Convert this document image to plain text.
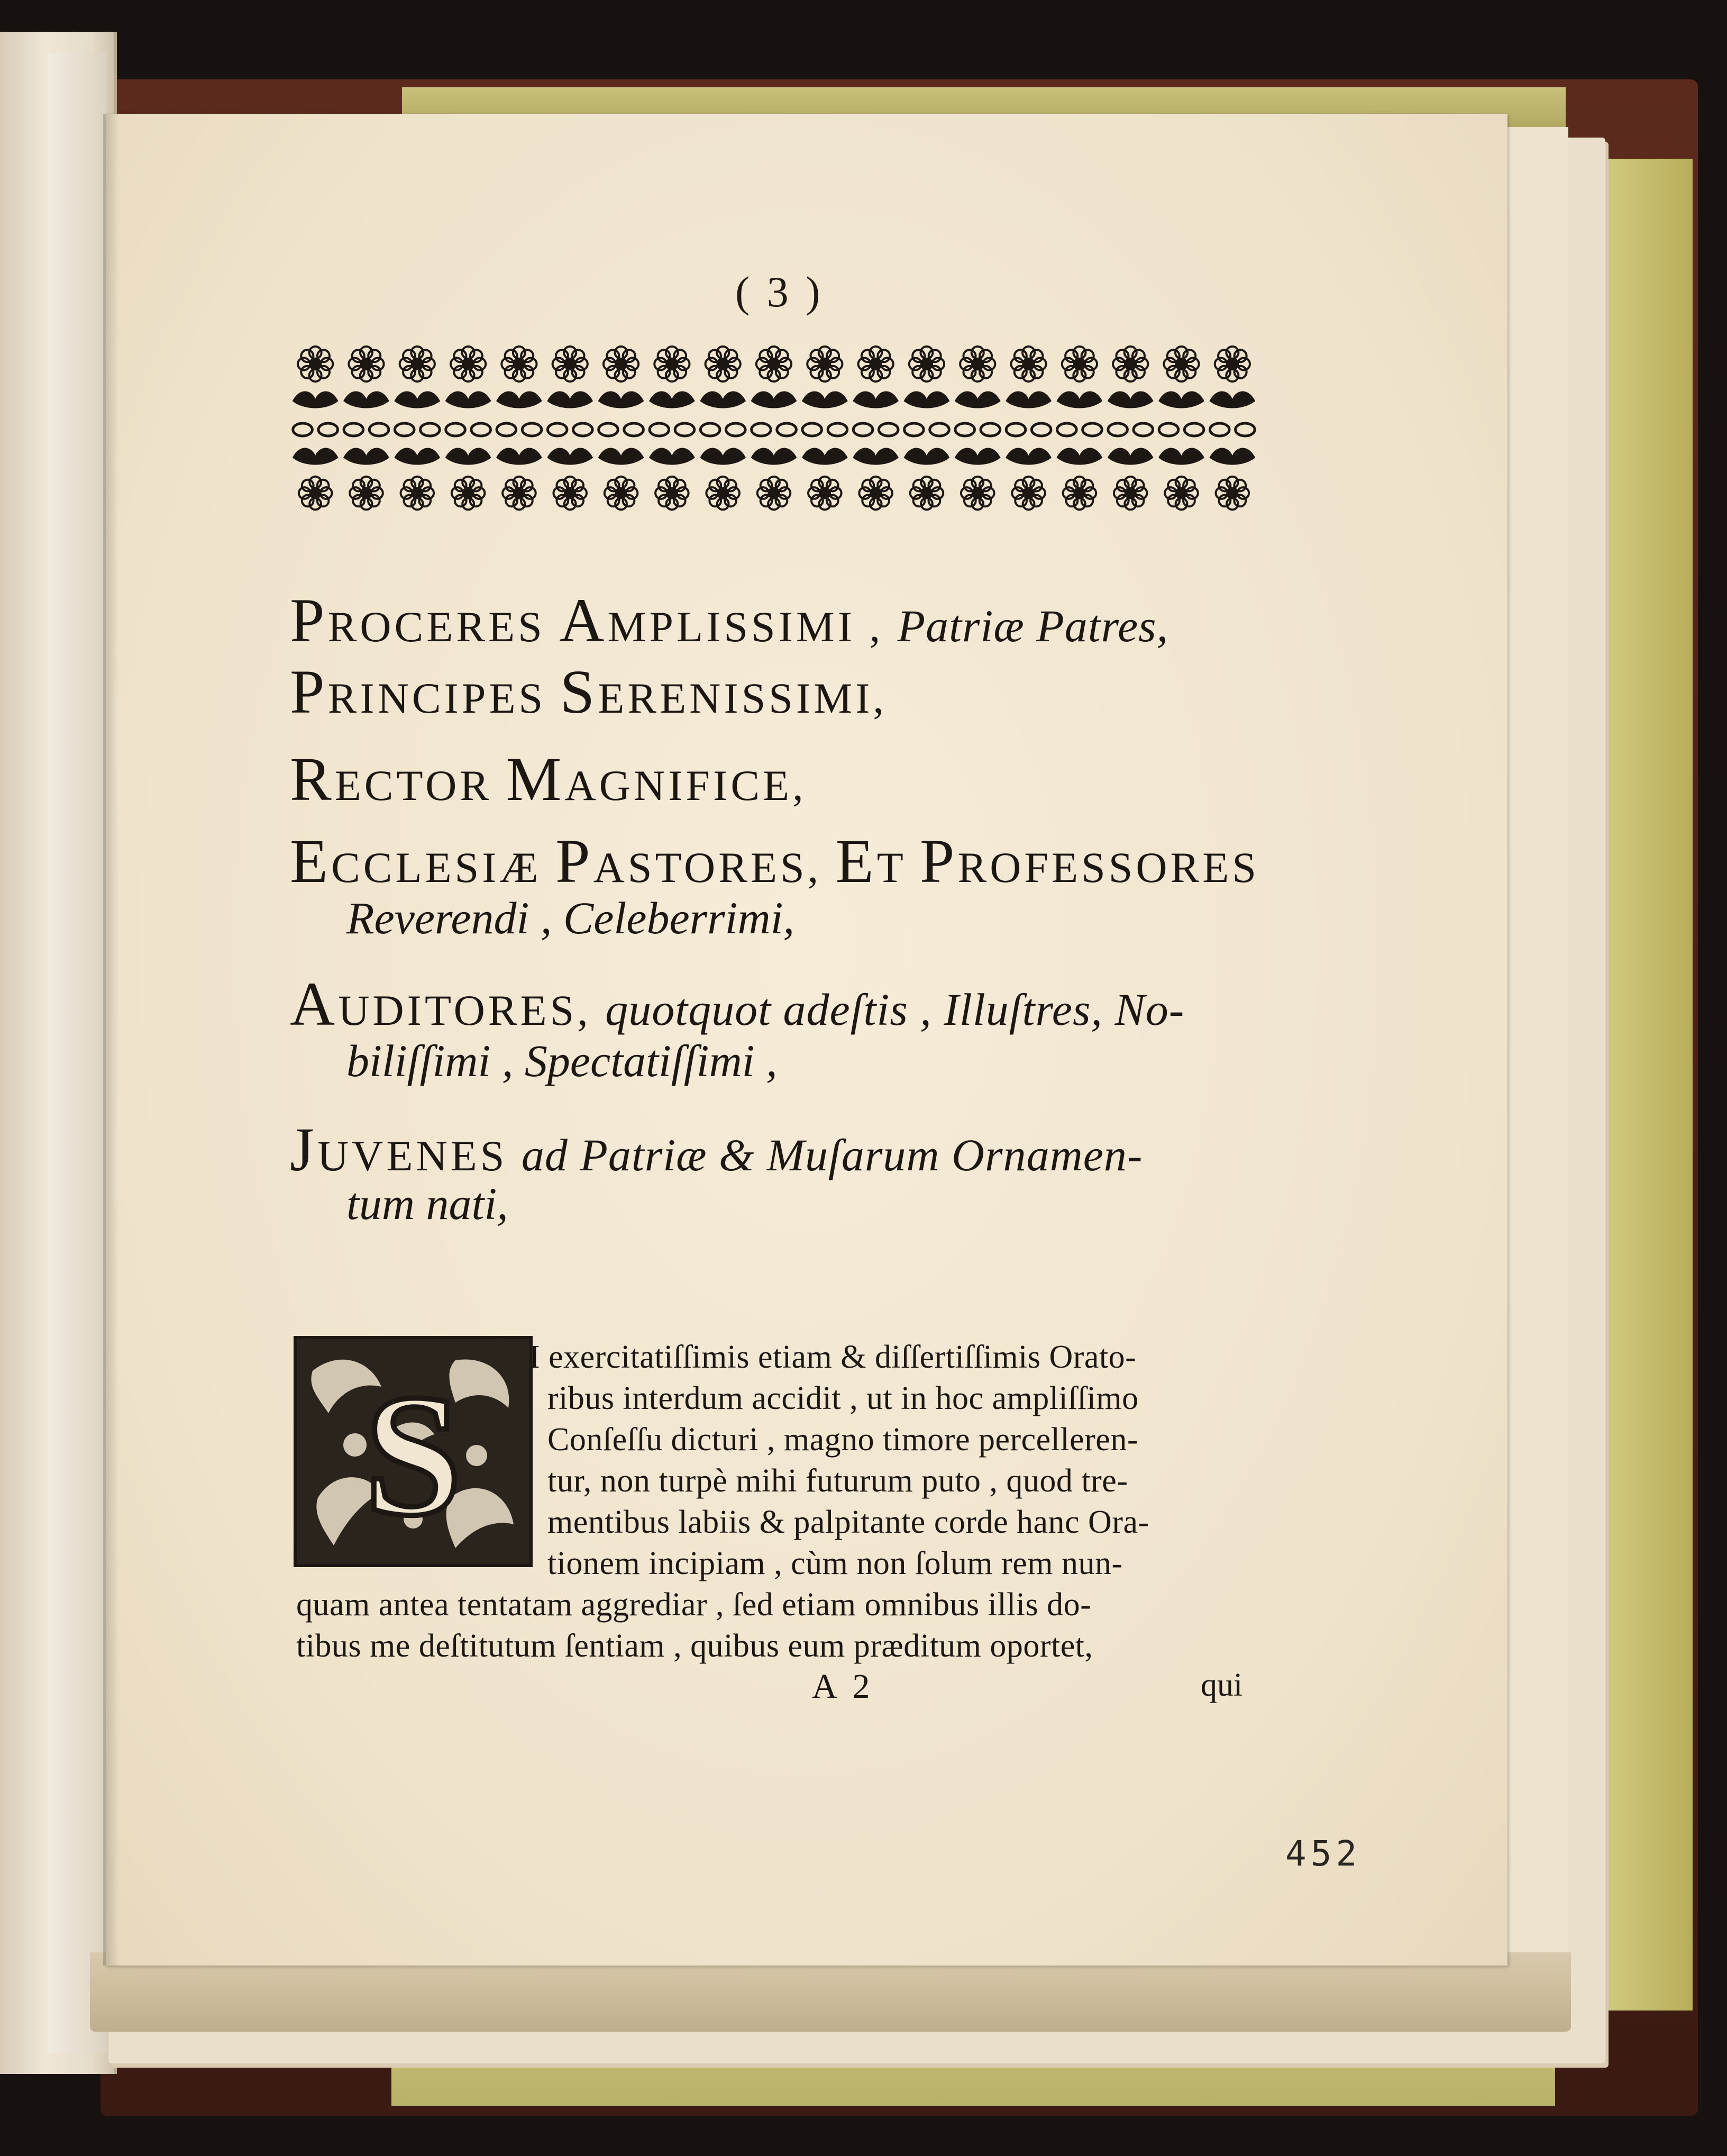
( 3 )
PROCERES AMPLISSIMI , Patriæ Patres,
PRINCIPES SERENISSIMI,
RECTOR MAGNIFICE,
ECCLESIÆ PASTORES, ET PROFESSORES
Reverendi , Celeberrimi,
AUDITORES, quotquot adeſtis , Illuſtres, No-
biliſſimi , Spectatiſſimi ,
JUVENES ad Patriæ & Muſarum Ornamen-
tum nati,
S
I exercitatiſſimis etiam & diſſertiſſimis Orato-
ribus interdum accidit , ut in hoc ampliſſimo
Conſeſſu dicturi , magno timore percelleren-
tur, non turpè mihi futurum puto , quod tre-
mentibus labiis & palpitante corde hanc Ora-
tionem incipiam , cùm non ſolum rem nun-
quam antea tentatam aggrediar , ſed etiam omnibus illis do-
tibus me deſtitutum ſentiam , quibus eum præditum oportet,
A 2	qui
452
